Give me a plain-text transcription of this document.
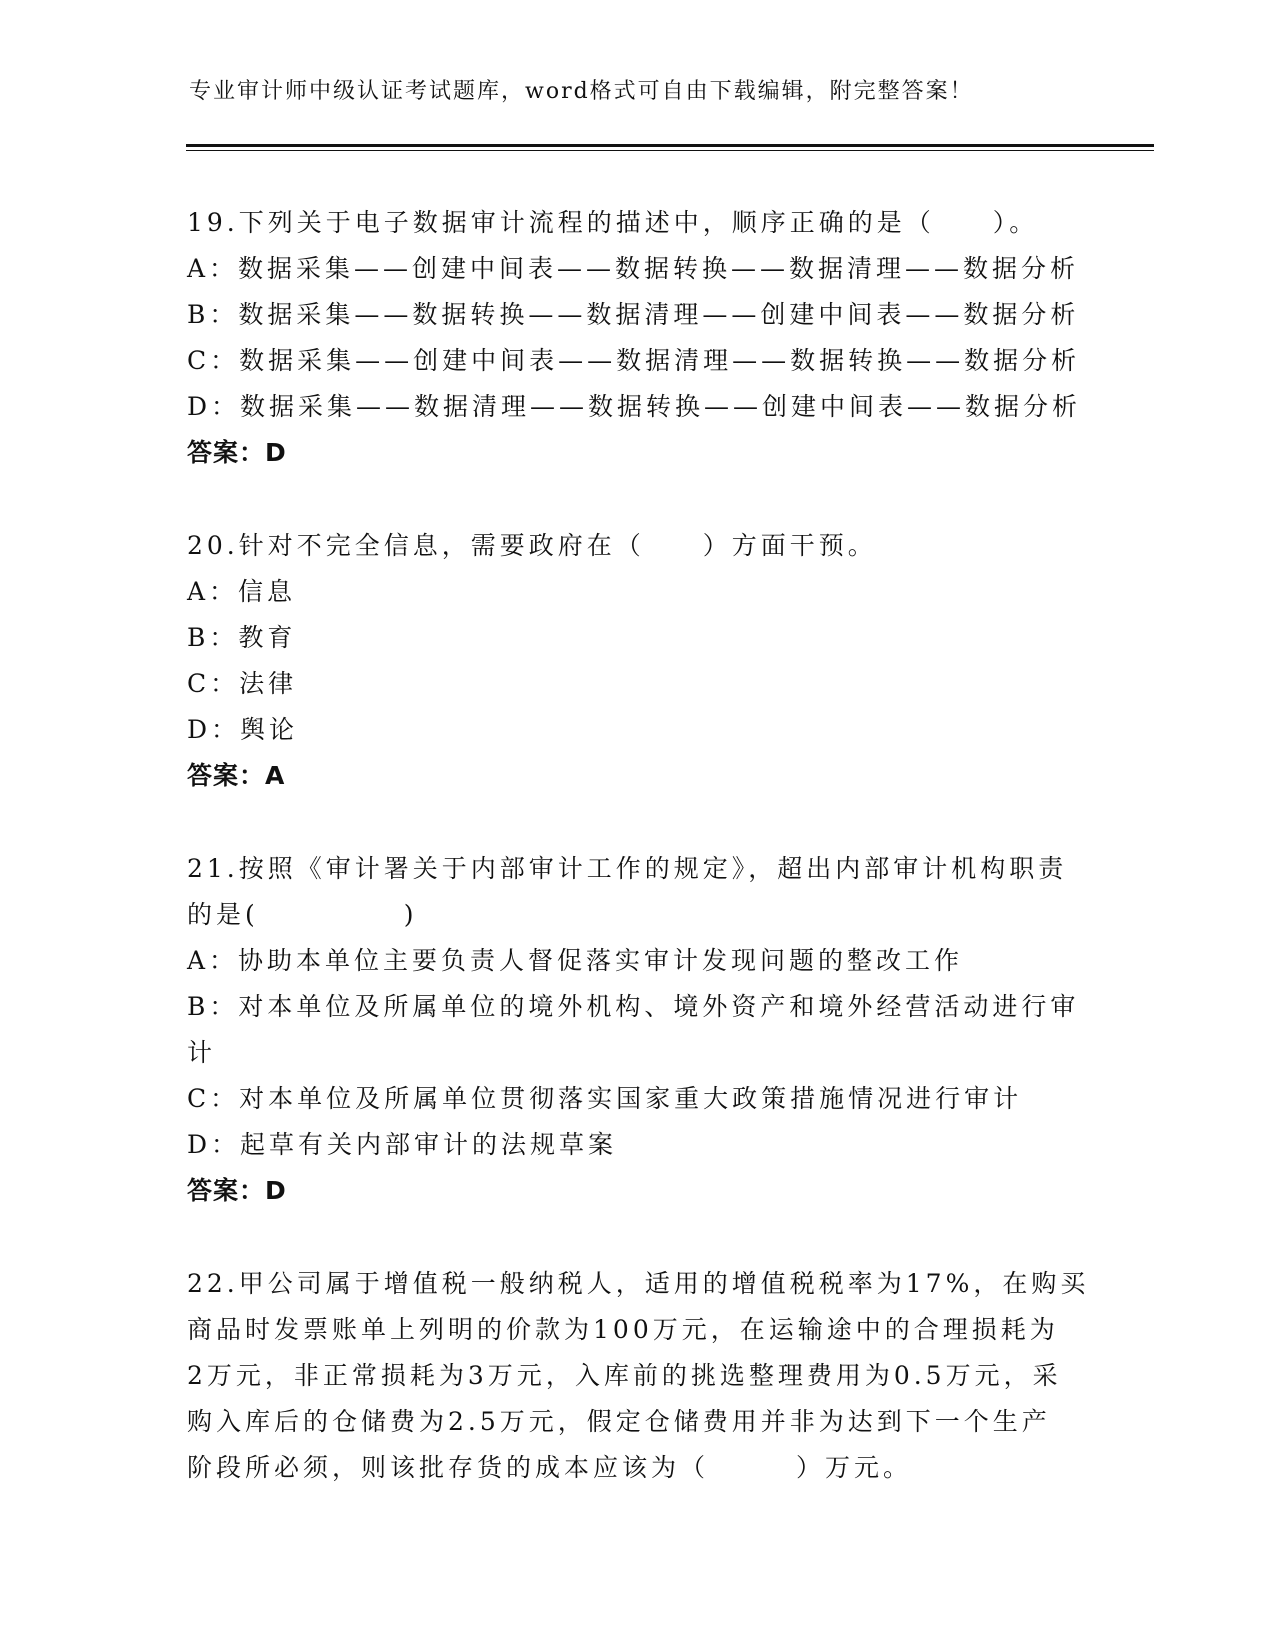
专业审计师中级认证考试题库，word格式可自由下载编辑，附完整答案！
19.下列关于电子数据审计流程的描述中，顺序正确的是（　　）。
A：数据采集——创建中间表——数据转换——数据清理——数据分析
B：数据采集——数据转换——数据清理——创建中间表——数据分析
C：数据采集——创建中间表——数据清理——数据转换——数据分析
D：数据采集——数据清理——数据转换——创建中间表——数据分析
答案：D
20.针对不完全信息，需要政府在（　　）方面干预。
A：信息
B：教育
C：法律
D：舆论
答案：A
21.按照《审计署关于内部审计工作的规定》，超出内部审计机构职责
的是(　　　　　)
A：协助本单位主要负责人督促落实审计发现问题的整改工作
B：对本单位及所属单位的境外机构、境外资产和境外经营活动进行审
计
C：对本单位及所属单位贯彻落实国家重大政策措施情况进行审计
D：起草有关内部审计的法规草案
答案：D
22.甲公司属于增值税一般纳税人，适用的增值税税率为17%，在购买
商品时发票账单上列明的价款为100万元，在运输途中的合理损耗为
2万元，非正常损耗为3万元，入库前的挑选整理费用为0.5万元，采
购入库后的仓储费为2.5万元，假定仓储费用并非为达到下一个生产
阶段所必须，则该批存货的成本应该为（　　　）万元。
